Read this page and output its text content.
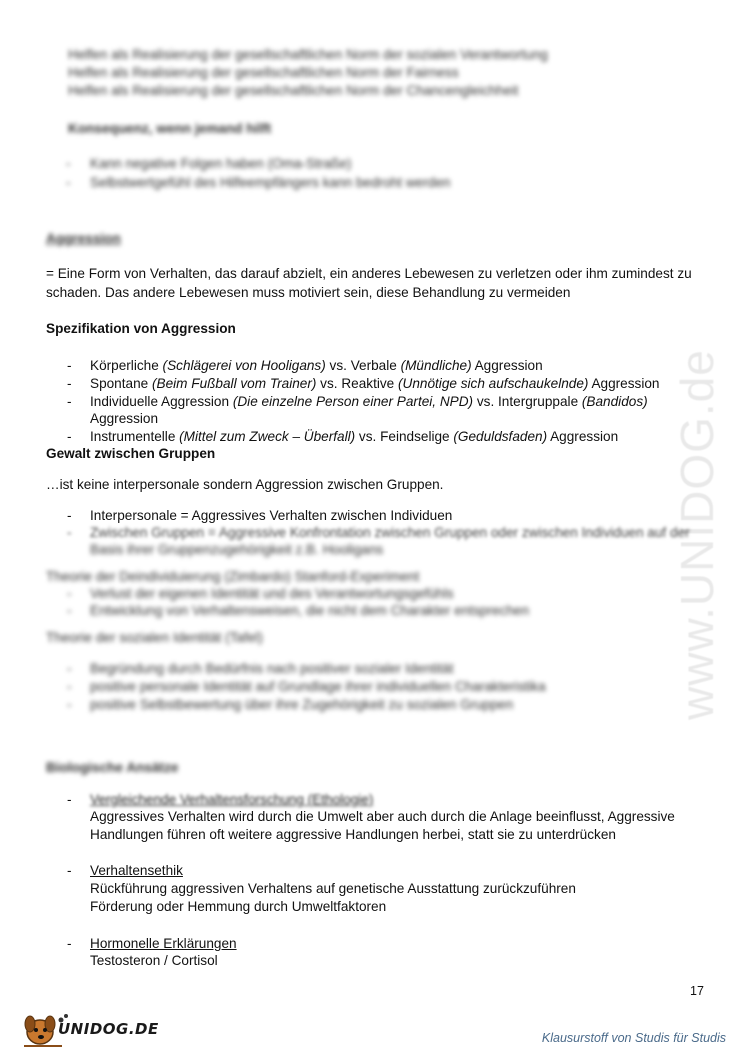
www.UNIDOG.de
Helfen als Realisierung der gesellschaftlichen Norm der sozialen Verantwortung
Helfen als Realisierung der gesellschaftlichen Norm der Fairness
Helfen als Realisierung der gesellschaftlichen Norm der Chancengleichheit
Konsequenz, wenn jemand hilft
- Kann negative Folgen haben (Oma-Straße)
- Selbstwertgefühl des Hilfeempfängers kann bedroht werden
Aggression
= Eine Form von Verhalten, das darauf abzielt, ein anderes Lebewesen zu verletzen oder ihm zumindest zu
schaden. Das andere Lebewesen muss motiviert sein, diese Behandlung zu vermeiden
Spezifikation von Aggression
- Körperliche (Schlägerei von Hooligans) vs. Verbale (Mündliche) Aggression
- Spontane (Beim Fußball vom Trainer) vs. Reaktive (Unnötige sich aufschaukelnde) Aggression
- Individuelle Aggression (Die einzelne Person einer Partei, NPD) vs. Intergruppale (Bandidos)
Aggression
- Instrumentelle (Mittel zum Zweck – Überfall) vs. Feindselige (Geduldsfaden) Aggression
Gewalt zwischen Gruppen
…ist keine interpersonale sondern Aggression zwischen Gruppen.
- Interpersonale = Aggressives Verhalten zwischen Individuen
- Zwischen Gruppen = Aggressive Konfrontation zwischen Gruppen oder zwischen Individuen auf der
Basis ihrer Gruppenzugehörigkeit z.B. Hooligans
Theorie der Deindividuierung (Zimbardo) Stanford-Experiment
- Verlust der eigenen Identität und des Verantwortungsgefühls
- Entwicklung von Verhaltensweisen, die nicht dem Charakter entsprechen
Theorie der sozialen Identität (Tafel)
- Begründung durch Bedürfnis nach positiver sozialer Identität
- positive personale Identität auf Grundlage ihrer individuellen Charakteristika
- positive Selbstbewertung über ihre Zugehörigkeit zu sozialen Gruppen
Biologische Ansätze
- Vergleichende Verhaltensforschung (Ethologie)
Aggressives Verhalten wird durch die Umwelt aber auch durch die Anlage beeinflusst, Aggressive
Handlungen führen oft weitere aggressive Handlungen herbei, statt sie zu unterdrücken
- Verhaltensethik
Rückführung aggressiven Verhaltens auf genetische Ausstattung zurückzuführen
Förderung oder Hemmung durch Umweltfaktoren
- Hormonelle Erklärungen
Testosteron / Cortisol
17
UNIDOG.DE	Klausurstoff von Studis für Studis
